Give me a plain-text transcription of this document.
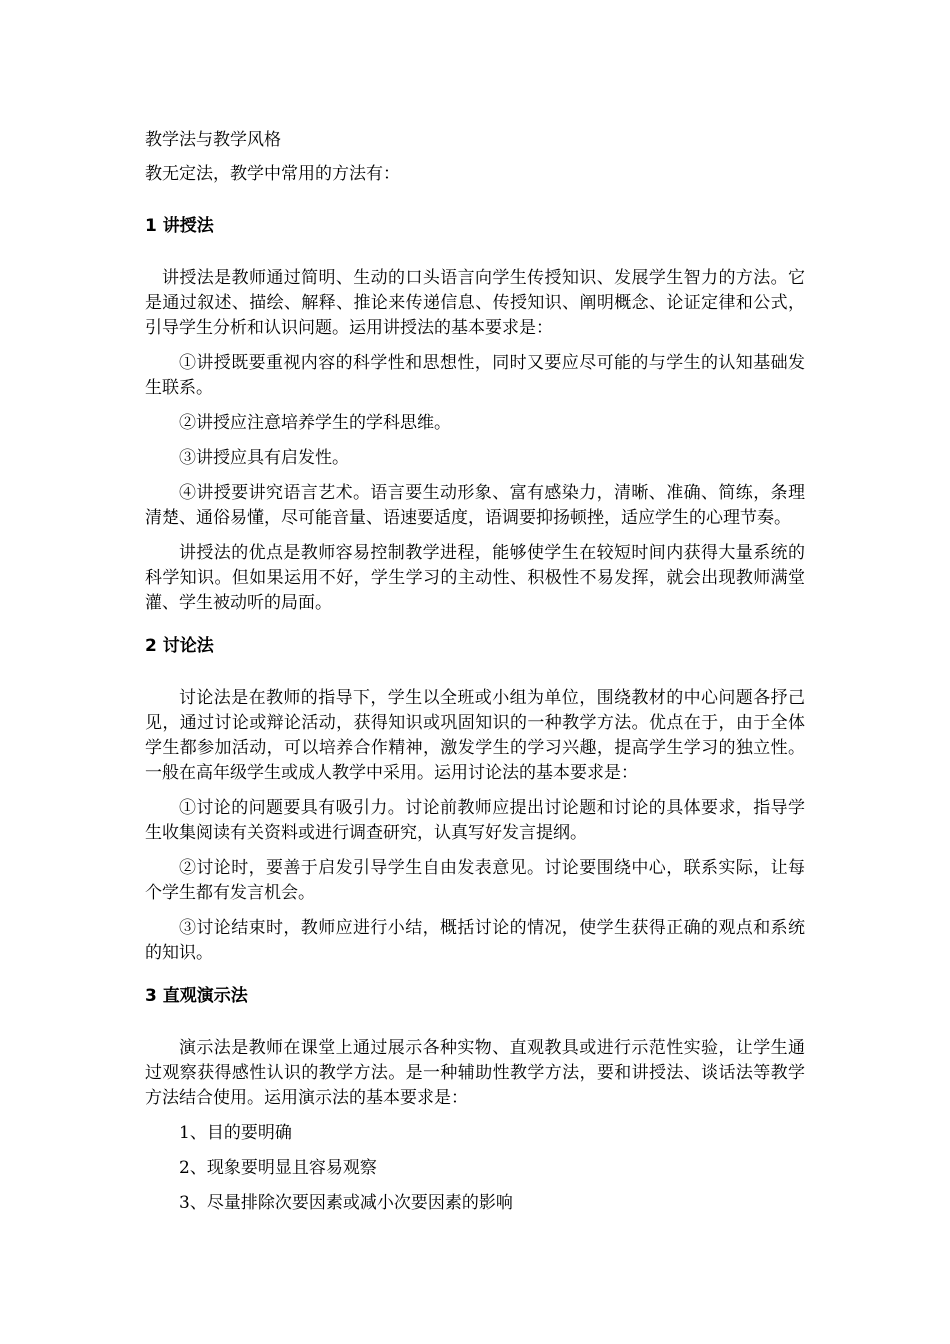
教学法与教学风格

教无定法，教学中常用的方法有：

1 讲授法

讲授法是教师通过简明、生动的口头语言向学生传授知识、发展学生智力的方法。它是通过叙述、描绘、解释、推论来传递信息、传授知识、阐明概念、论证定律和公式，引导学生分析和认识问题。运用讲授法的基本要求是：

①讲授既要重视内容的科学性和思想性，同时又要应尽可能的与学生的认知基础发生联系。

②讲授应注意培养学生的学科思维。

③讲授应具有启发性。

④讲授要讲究语言艺术。语言要生动形象、富有感染力，清晰、准确、简练，条理清楚、通俗易懂，尽可能音量、语速要适度，语调要抑扬顿挫，适应学生的心理节奏。

讲授法的优点是教师容易控制教学进程，能够使学生在较短时间内获得大量系统的科学知识。但如果运用不好，学生学习的主动性、积极性不易发挥，就会出现教师满堂灌、学生被动听的局面。

2 讨论法

讨论法是在教师的指导下，学生以全班或小组为单位，围绕教材的中心问题各抒己见，通过讨论或辩论活动，获得知识或巩固知识的一种教学方法。优点在于，由于全体学生都参加活动，可以培养合作精神，激发学生的学习兴趣，提高学生学习的独立性。一般在高年级学生或成人教学中采用。运用讨论法的基本要求是：

①讨论的问题要具有吸引力。讨论前教师应提出讨论题和讨论的具体要求，指导学生收集阅读有关资料或进行调查研究，认真写好发言提纲。

②讨论时，要善于启发引导学生自由发表意见。讨论要围绕中心，联系实际，让每个学生都有发言机会。

③讨论结束时，教师应进行小结，概括讨论的情况，使学生获得正确的观点和系统的知识。

3 直观演示法

演示法是教师在课堂上通过展示各种实物、直观教具或进行示范性实验，让学生通过观察获得感性认识的教学方法。是一种辅助性教学方法，要和讲授法、谈话法等教学方法结合使用。运用演示法的基本要求是：

1、目的要明确

2、现象要明显且容易观察

3、尽量排除次要因素或减小次要因素的影响
